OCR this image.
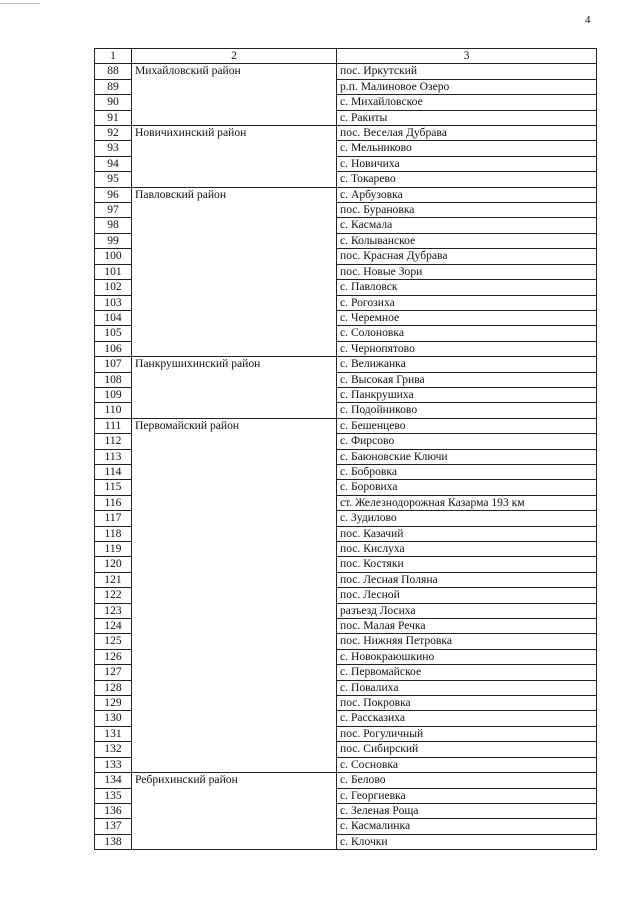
4
1	2	3
88	Михайловский район	пос. Иркутский
89		р.п. Малиновое Озеро
90		с. Михайловское
91		с. Ракиты
92	Новичихинский район	пос. Веселая Дубрава
93		с. Мельниково
94		с. Новичиха
95		с. Токарево
96	Павловский район	с. Арбузовка
97		пос. Бурановка
98		с. Касмала
99		с. Колыванское
100		пос. Красная Дубрава
101		пос. Новые Зори
102		с. Павловск
103		с. Рогозиха
104		с. Черемное
105		с. Солоновка
106		с. Чернопятово
107	Панкрушихинский район	с. Велижанка
108		с. Высокая Грива
109		с. Панкрушиха
110		с. Подойниково
111	Первомайский район	с. Бешенцево
112		с. Фирсово
113		с. Баюновские Ключи
114		с. Бобровка
115		с. Боровиха
116		ст. Железнодорожная Казарма 193 км
117		с. Зудилово
118		пос. Казачий
119		пос. Кислуха
120		пос. Костяки
121		пос. Лесная Поляна
122		пос. Лесной
123		разъезд Лосиха
124		пос. Малая Речка
125		пос. Нижняя Петровка
126		с. Новокраюшкино
127		с. Первомайское
128		с. Повалиха
129		пос. Покровка
130		с. Рассказиха
131		пос. Рогуличный
132		пос. Сибирский
133		с. Сосновка
134	Ребрихинский район	с. Белово
135		с. Георгиевка
136		с. Зеленая Роща
137		с. Касмалинка
138		с. Клочки
